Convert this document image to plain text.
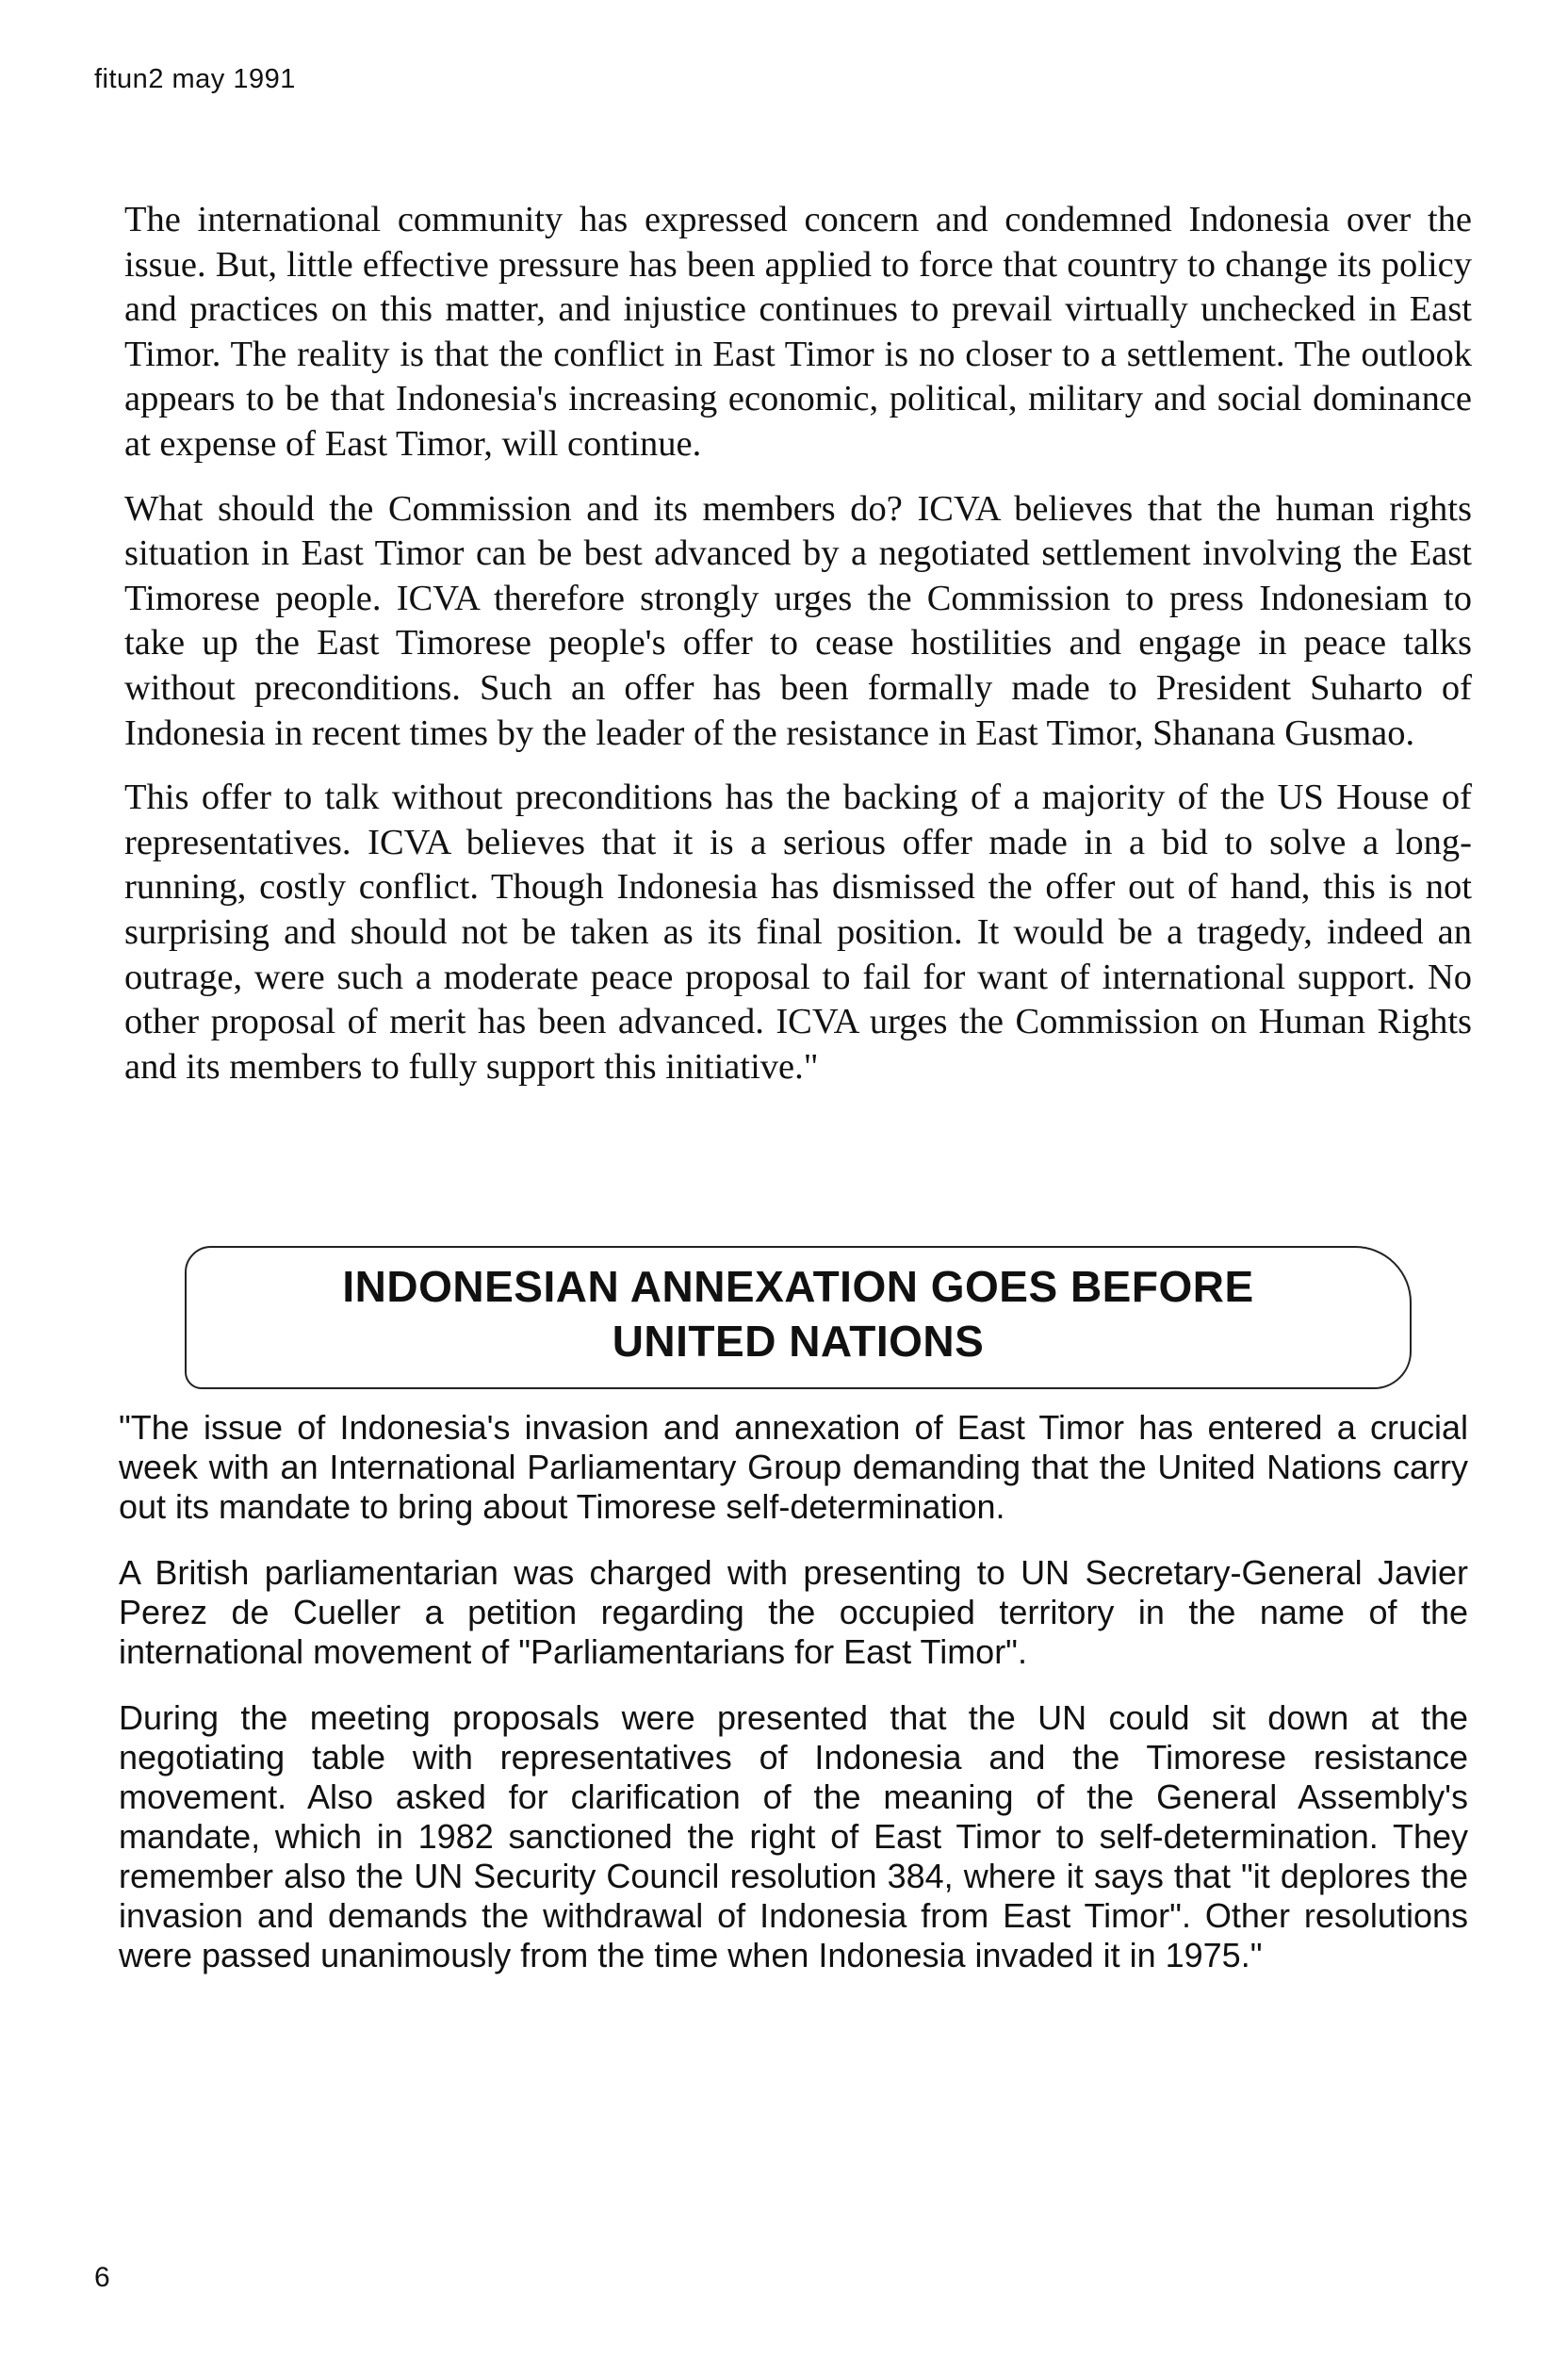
fitun2 may 1991

The international community has expressed concern and condemned Indonesia over the issue. But, little effective pressure has been applied to force that country to change its policy and practices on this matter, and injustice continues to prevail virtually unchecked in East Timor. The reality is that the conflict in East Timor is no closer to a settlement. The outlook appears to be that Indonesia's increasing economic, political, military and social dominance at expense of East Timor, will continue.

What should the Commission and its members do? ICVA believes that the human rights situation in East Timor can be best advanced by a negotiated settlement involving the East Timorese people. ICVA therefore strongly urges the Commission to press Indonesiam to take up the East Timorese people's offer to cease hostilities and engage in peace talks without preconditions. Such an offer has been formally made to President Suharto of Indonesia in recent times by the leader of the resistance in East Timor, Shanana Gusmao.

This offer to talk without preconditions has the backing of a majority of the US House of representatives. ICVA believes that it is a serious offer made in a bid to solve a long-running, costly conflict. Though Indonesia has dismissed the offer out of hand, this is not surprising and should not be taken as its final position. It would be a tragedy, indeed an outrage, were such a moderate peace proposal to fail for want of international support. No other proposal of merit has been advanced. ICVA urges the Commission on Human Rights and its members to fully support this initiative."

INDONESIAN ANNEXATION GOES BEFORE
UNITED NATIONS

"The issue of Indonesia's invasion and annexation of East Timor has entered a crucial week with an International Parliamentary Group demanding that the United Nations carry out its mandate to bring about Timorese self-determination.

A British parliamentarian was charged with presenting to UN Secretary-General Javier Perez de Cueller a petition regarding the occupied territory in the name of the international movement of "Parliamentarians for East Timor".

During the meeting proposals were presented that the UN could sit down at the negotiating table with representatives of Indonesia and the Timorese resistance movement. Also asked for clarification of the meaning of the General Assembly's mandate, which in 1982 sanctioned the right of East Timor to self-determination. They remember also the UN Security Council resolution 384, where it says that "it deplores the invasion and demands the withdrawal of Indonesia from East Timor". Other resolutions were passed unanimously from the time when Indonesia invaded it in 1975."

6
